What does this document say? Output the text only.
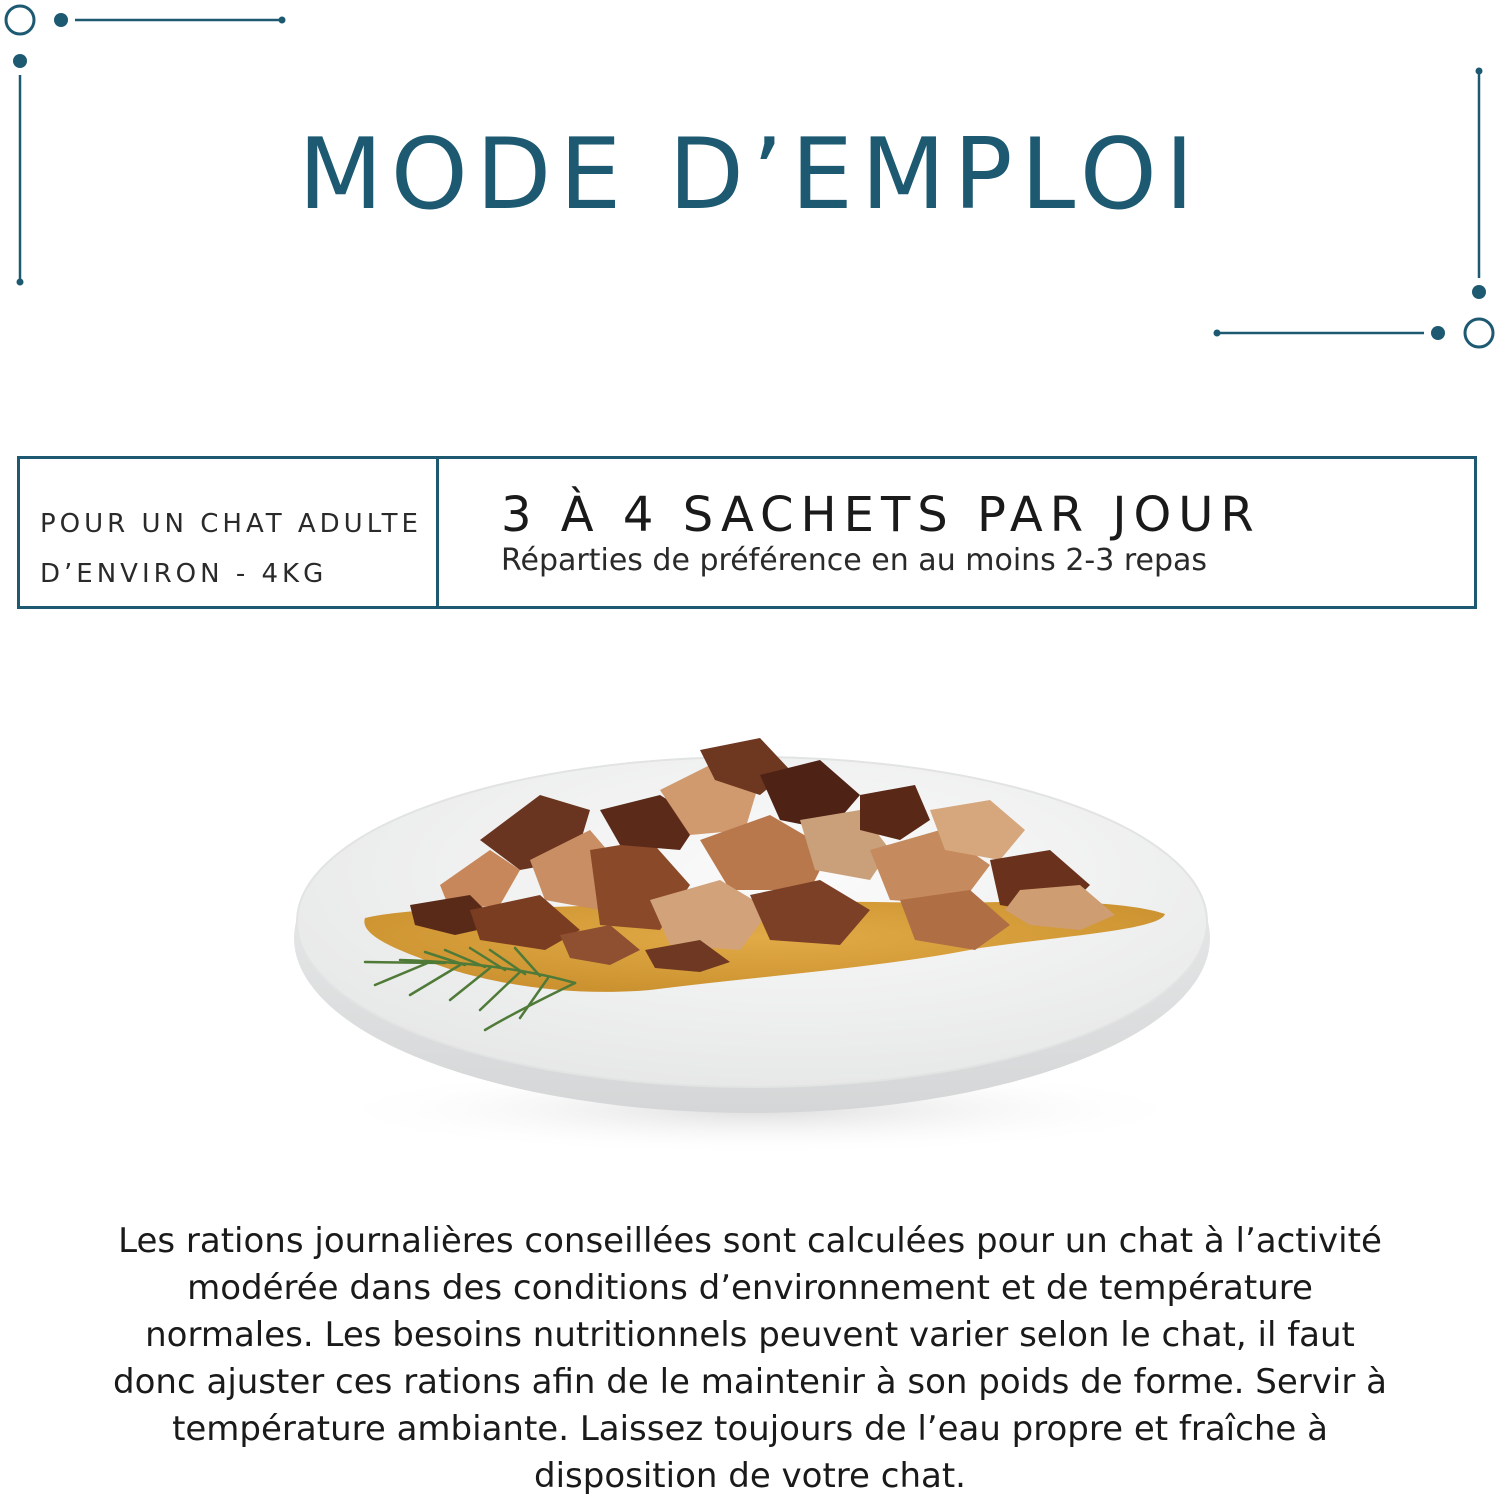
MODE D’EMPLOI
POUR UN CHAT ADULTE
D’ENVIRON - 4KG
3 À 4 SACHETS PAR JOUR
Réparties de préférence en au moins 2-3 repas

Les rations journalières conseillées sont calculées pour un chat à l’activité modérée dans des conditions d’environnement et de température normales. Les besoins nutritionnels peuvent varier selon le chat, il faut donc ajuster ces rations afin de le maintenir à son poids de forme. Servir à température ambiante. Laissez toujours de l’eau propre et fraîche à disposition de votre chat.
